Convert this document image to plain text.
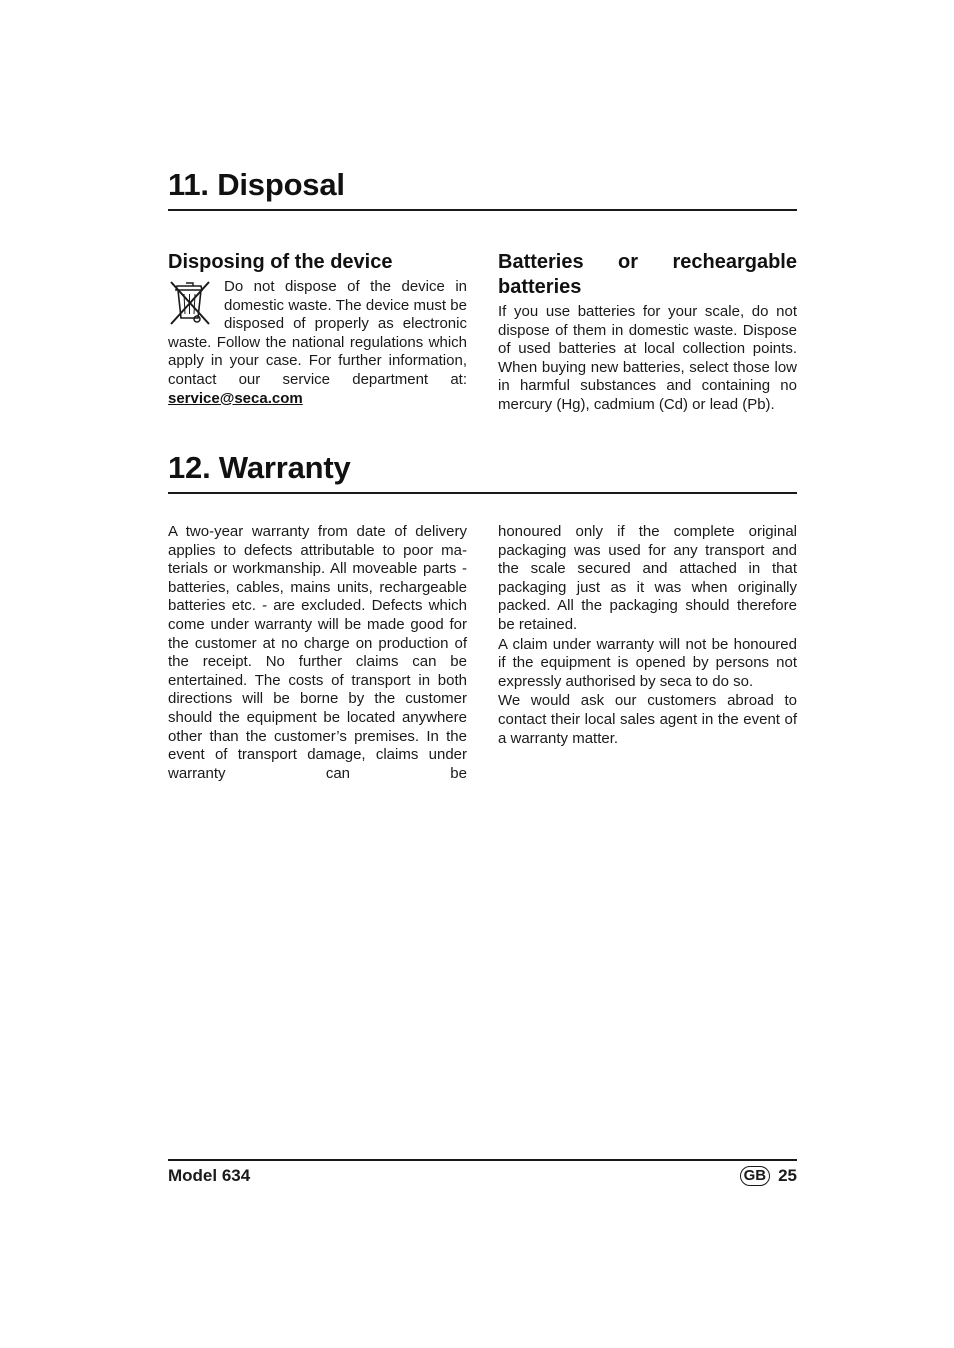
11. Disposal
Disposing of the device

Do not dispose of the device in domestic waste. The device must be disposed of properly as electronic waste. Follow the national regulations which apply in your case. For further information, contact our service department at: service@seca.com

Batteries or recheargable
batteries

If you use batteries for your scale, do not dispose of them in domestic waste. Dispose of used batteries at local collection points. When buying new batteries, select those low in harmful substances and containing no mercury (Hg), cadmium (Cd) or lead (Pb).

12. Warranty

A two-year warranty from date of delivery applies to defects attributable to poor materials or workmanship. All moveable parts - batteries, cables, mains units, rechargeable batteries etc. - are excluded. Defects which come under warranty will be made good for the customer at no charge on production of the receipt. No further claims can be entertained. The costs of transport in both directions will be borne by the customer should the equipment be located anywhere other than the customer’s premises. In the event of transport damage, claims under warranty can be

honoured only if the complete original packaging was used for any transport and the scale secured and attached in that packaging just as it was when originally packed. All the packaging should therefore be retained.

A claim under warranty will not be honoured if the equipment is opened by persons not expressly authorised by seca to do so.

We would ask our customers abroad to contact their local sales agent in the event of a warranty matter.

Model 634	GB 25
